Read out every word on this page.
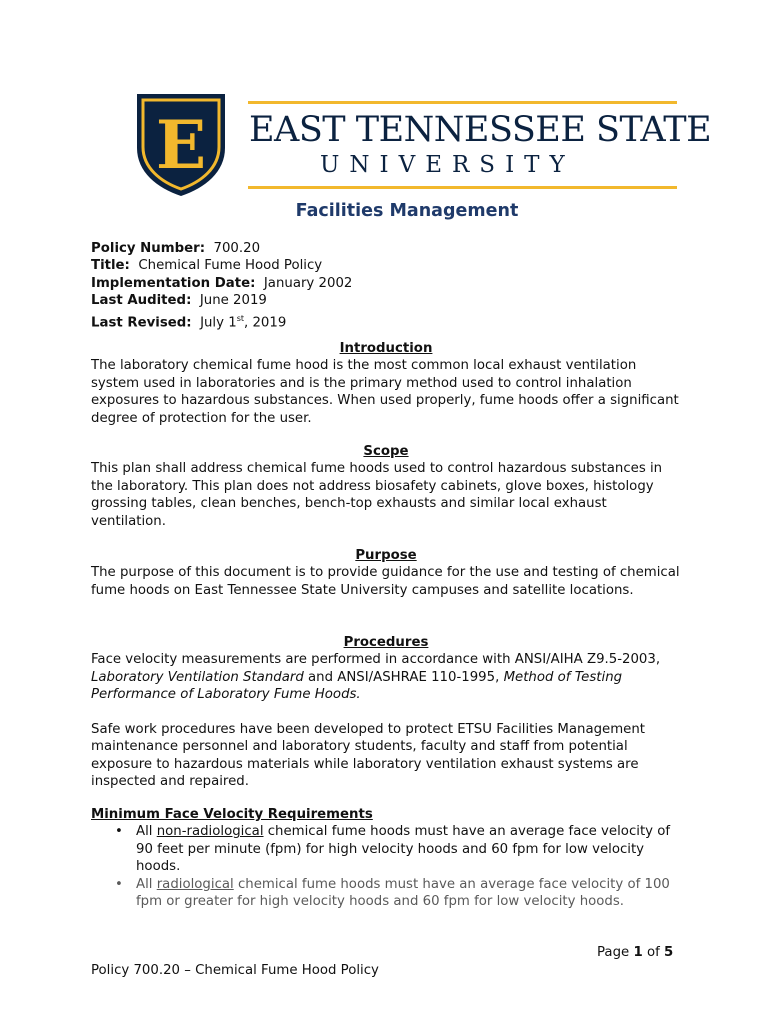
E EAST TENNESSEE STATE
UNIVERSITY
Facilities Management
Policy Number: 700.20
Title: Chemical Fume Hood Policy
Implementation Date: January 2002
Last Audited: June 2019
Last Revised: July 1st, 2019
Introduction

The laboratory chemical fume hood is the most common local exhaust ventilation system used in laboratories and is the primary method used to control inhalation exposures to hazardous substances. When used properly, fume hoods offer a significant degree of protection for the user.

Scope

This plan shall address chemical fume hoods used to control hazardous substances in the laboratory. This plan does not address biosafety cabinets, glove boxes, histology grossing tables, clean benches, bench-top exhausts and similar local exhaust ventilation.

Purpose

The purpose of this document is to provide guidance for the use and testing of chemical fume hoods on East Tennessee State University campuses and satellite locations.

Procedures

Face velocity measurements are performed in accordance with ANSI/AIHA Z9.5-2003, Laboratory Ventilation Standard and ANSI/ASHRAE 110-1995, Method of Testing Performance of Laboratory Fume Hoods.

Safe work procedures have been developed to protect ETSU Facilities Management maintenance personnel and laboratory students, faculty and staff from potential exposure to hazardous materials while laboratory ventilation exhaust systems are inspected and repaired.

Minimum Face Velocity Requirements
• All non-radiological chemical fume hoods must have an average face velocity of 90 feet per minute (fpm) for high velocity hoods and 60 fpm for low velocity hoods.
• All radiological chemical fume hoods must have an average face velocity of 100 fpm or greater for high velocity hoods and 60 fpm for low velocity hoods.
Page 1 of 5
Policy 700.20 – Chemical Fume Hood Policy
